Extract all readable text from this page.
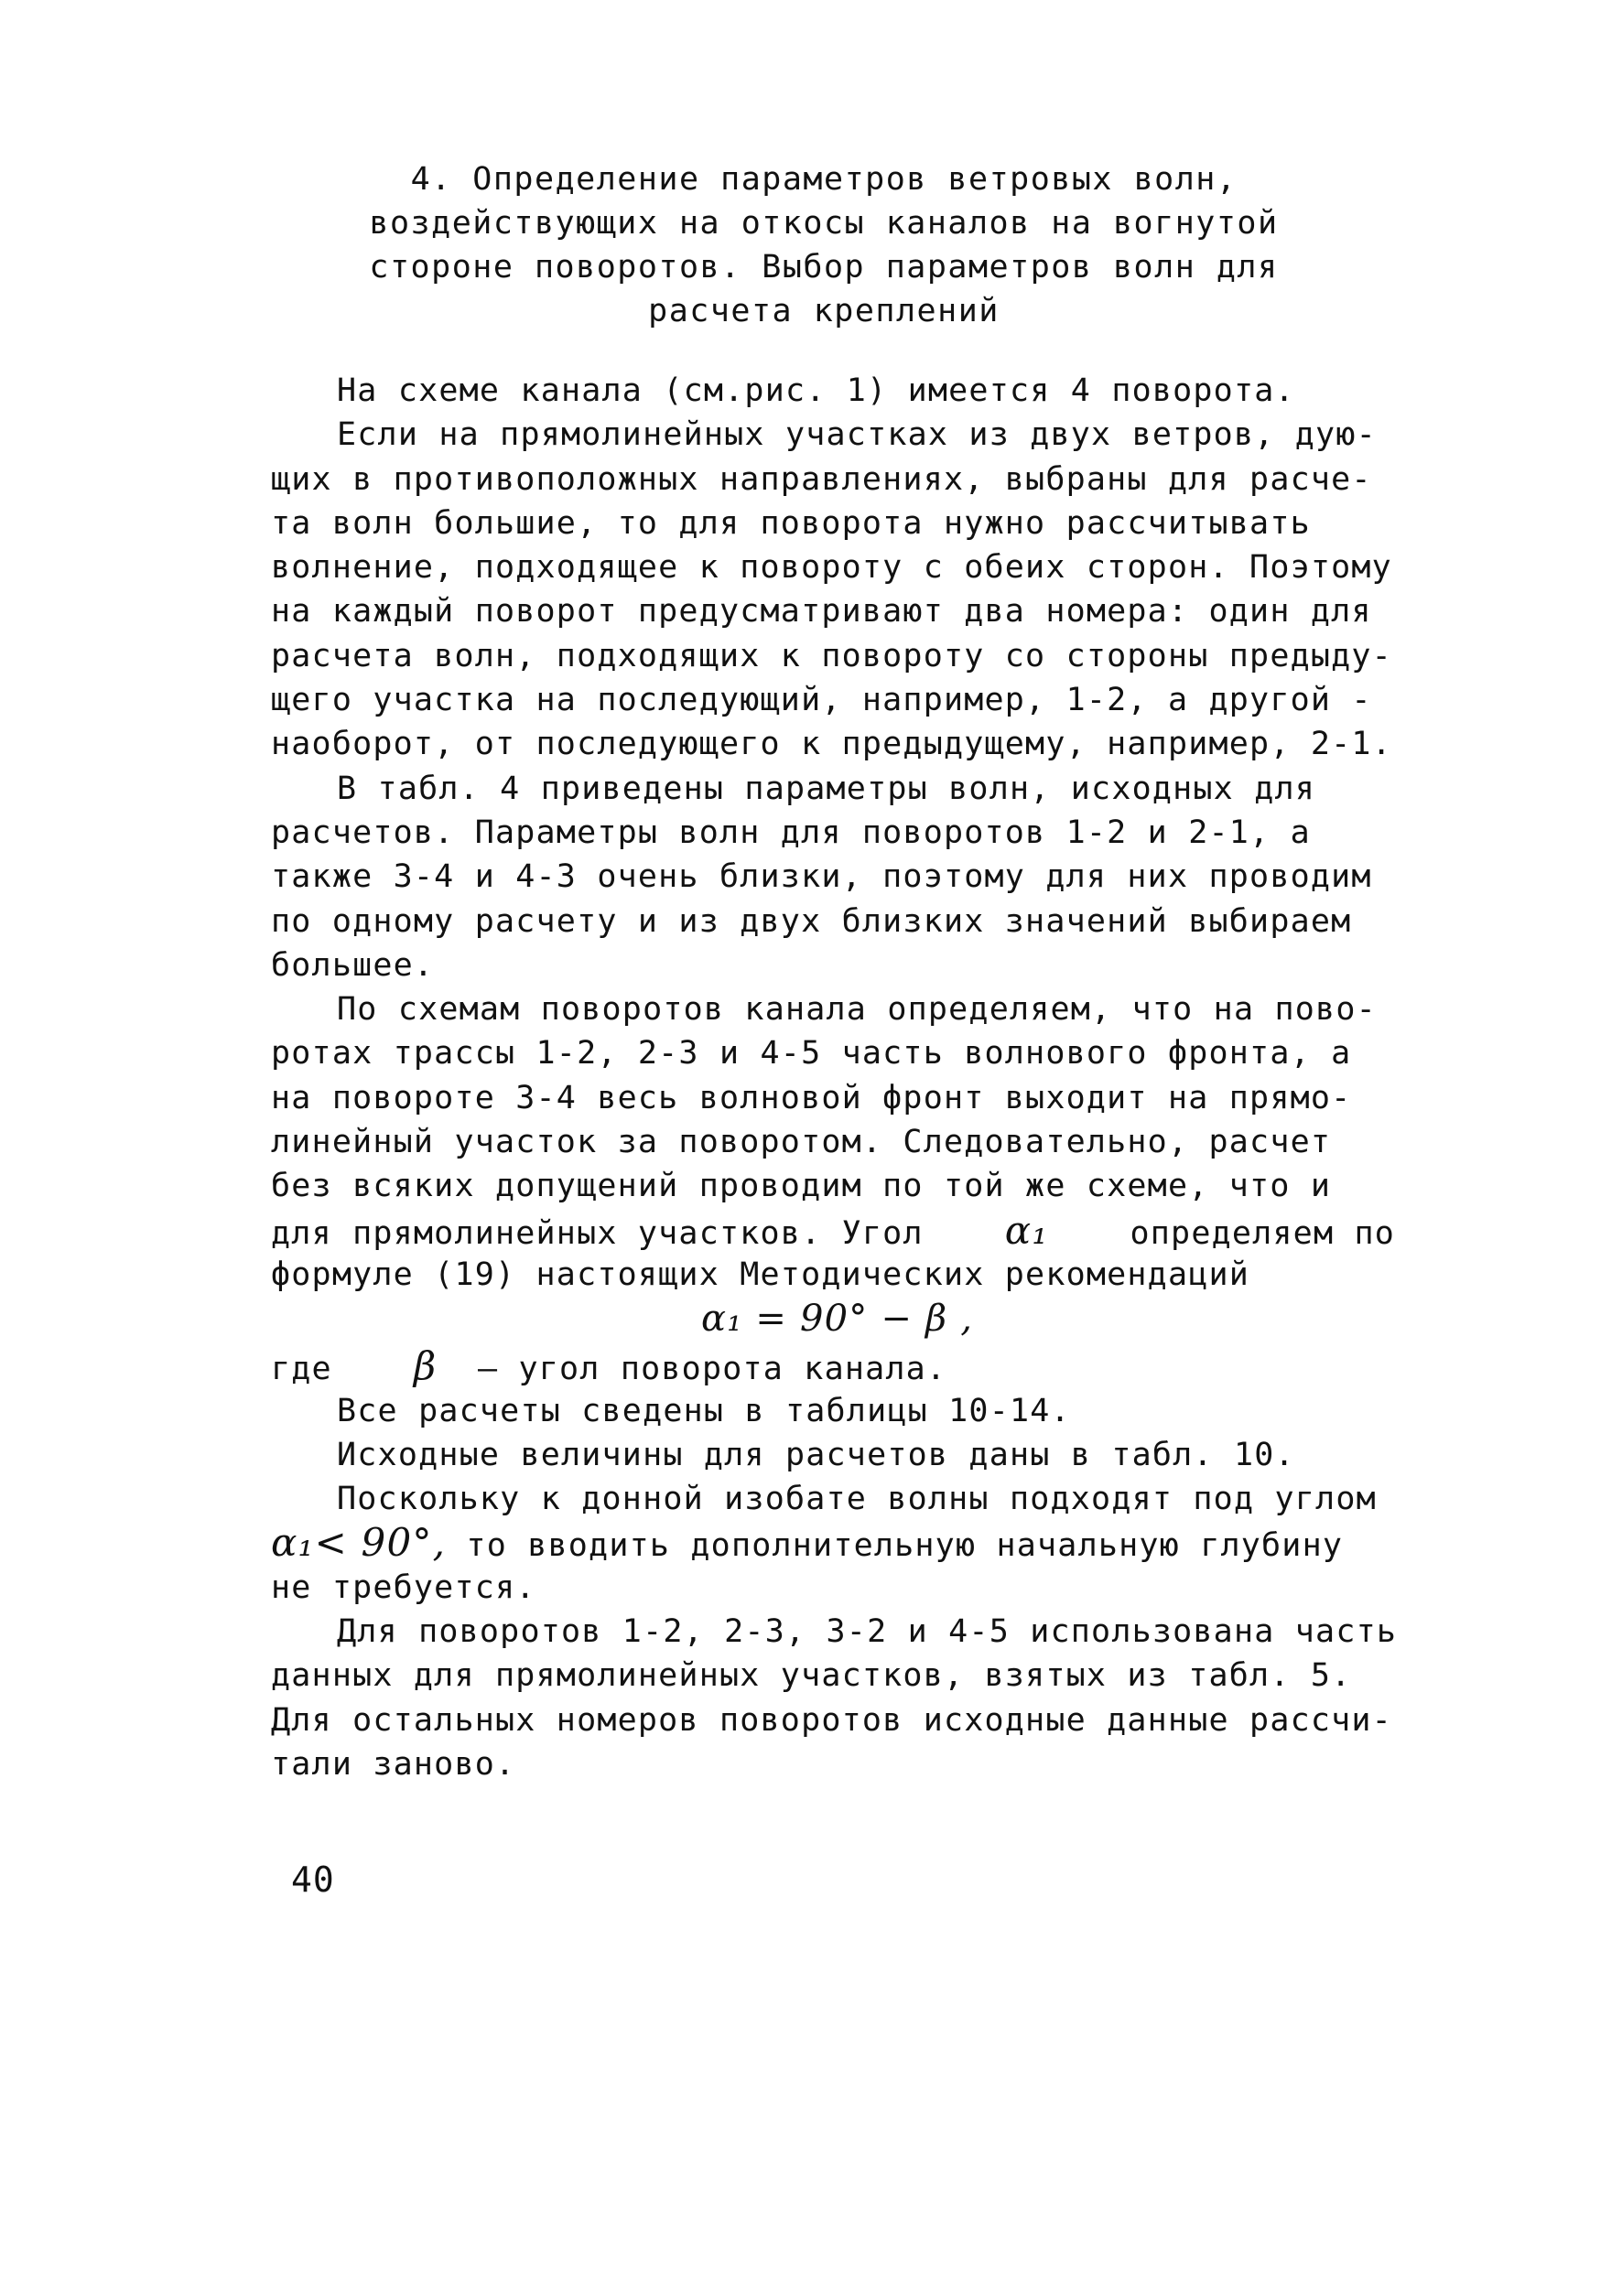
4. Определение параметров ветровых волн,
воздействующих на откосы каналов на вогнутой
стороне поворотов. Выбор параметров волн для
расчета креплений
На схеме канала (см.рис. 1) имеется 4 поворота.
Если на прямолинейных участках из двух ветров, дую-
щих в противоположных направлениях, выбраны для расче-
та волн большие, то для поворота нужно рассчитывать
волнение, подходящее к повороту с обеих сторон. Поэтому
на каждый поворот предусматривают два номера: один для
расчета волн, подходящих к повороту со стороны предыду-
щего участка на последующий, например, 1-2, а другой -
наоборот, от последующего к предыдущему, например, 2-1.
В табл. 4 приведены параметры волн, исходных для
расчетов. Параметры волн для поворотов 1-2 и 2-1, а
также 3-4 и 4-3 очень близки, поэтому для них проводим
по одному расчету и из двух близких значений выбираем
большее.
По схемам поворотов канала определяем, что на пово-
ротах трассы 1-2, 2-3 и 4-5 часть волнового фронта, а
на повороте 3-4 весь волновой фронт выходит на прямо-
линейный участок за поворотом. Следовательно, расчет
без всяких допущений проводим по той же схеме, что и
для прямолинейных участков. Угол α₁	определяем по
формуле (19) настоящих Методических рекомендаций
α₁ = 90° − β ,
где β – угол поворота канала.
Все расчеты сведены в таблицы 10-14.
Исходные величины для расчетов даны в табл. 10.
Поскольку к донной изобате волны подходят под углом
α₁< 90°, то вводить дополнительную начальную глубину
не требуется.
Для поворотов 1-2, 2-3, 3-2 и 4-5 использована часть
данных для прямолинейных участков, взятых из табл. 5.
Для остальных номеров поворотов исходные данные рассчи-
тали заново.
40
